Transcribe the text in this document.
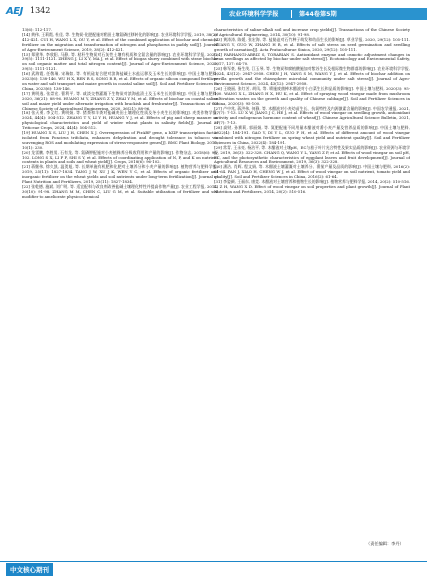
AEJ 1342	农业环境科学学报	第44卷第5期

13(6): 112-117.

[14] 黄伟, 王莉霞, 杜佳, 等. 生物炭-化肥配施对稻田土壤氮磷迁移转化的影响[J]. 农业环境科学学报, 2019, 38(2): 412-421. CUI H, WANG L X, OU Y, et al. Effect of the combined application of biochar and chemical fertilizer on the migration and transformation of nitrogen and phosphorus in paddy soil[J]. Journal of Agro-Environment Science, 2019, 38(2): 412-421.

[15] 郑建华, 李欣阳, 马静, 等. 秸秆生物炭对石灰性土壤有机质和全氮含量的影响[J]. 农业环境科学学报, 2020, 39(5): 1111-1121. ZHENG J, LI X Y, MA J, et al. Effect of biogas slurry combined with straw biochar on soil organic matter and total nitrogen content[J]. Journal of Agro-Environment Science, 2020, 39(5): 1111-1121.

[16] 武海霞, 任敬瑞, 宋瑞如, 等. 有机硅复合肥对滨海盐碱土水盐运移及玉米生长的影响[J]. 中国土壤与肥料, 2023(6): 138-146. WU H X, REN R S, SONG R R, et al. Effects of organic silicon compound fertilizer on water and salt transport and maize growth in coastal saline soil[J]. Soil and Fertilizer Sciences in China, 2023(6): 138-146.

[17] 黄明逸, 张崇宏, 曹利平, 等. 咸淡交替灌溉下生物炭对滨海盐渍土及玉米生长的影响[J]. 中国土壤与肥料, 2020, 36(21): 88-96. HUANG M Y, ZHANG Z Y, ZHAI Y M, et al. Effects of biochar on coastal saline soil and maize yield under alternate irrigation with brackish and freshwater[J]. Transactions of the Chinese Society of Agricultural Engineering, 2020, 36(21): 88-96.

[18] 张天勇, 李义红, 黄明娟, 等. 猪粪和羊粪对盐碱麦田土壤理化性质及冬小麦生长的影响[J]. 麦类作物学报, 2024, 44(4): 504-512. ZHANG T Y, LI Y H, HUANG Y J, et al. Effects of pig and sheep manure on physiological characteristics and yield of winter wheat plants in salinity fields[J]. Journal of Triticeae Crops, 2024, 44(4): 504-512.

[19] HUANG X S, LIU J H, CHEN X J. Overexpression of PtrABF gene, a bZIP transcription factor isolated from Poncirus trifoliata, enhances dehydration and drought tolerance in tobacco via scavenging ROS and modulating expression of stress-responsive genes[J]. BMC Plant Biology, 2010, 10(1): 230.

[20] 龙雷鹏, 李胜男, 石有龙, 等. 氮磷钾配施对小麦植株养分吸收利用和产量的影响[J]. 作物杂志, 2018(6): 96-102. LONG S X, LI F F, SHI S Y, et al. Effects of coordinating application of N, P, and K on nutrient contents in plants and soils and wheat yield[J]. Crops, 2018(6): 96-102.

[21] 蒋继伟, 徐久凯, 温贺旭, 等. 长期单施有机肥和化肥对土壤养分和小麦产量的影响[J]. 植物营养与肥料学报, 2019, 25(11): 1827-1834. TANG J W, XU J K, WEN Y C, et al. Effects of organic fertilizer and inorganic fertilizer on the wheat yields and soil nutrients under long-term fertilization[J]. Journal of Plant Nutrition and Fertilizers, 2019, 25(11): 1827-1834.

[22] 张乾德, 施斌, 刘广明, 等. 适宜配料与改良剂改善盐碱土壤理化特性并提高作物产量[J]. 农业工程学报, 2014, 30(10): 91-98. ZHANG M M, CHEN C, LIU G M, et al. Suitable utilization of fertilizer and soil modifier to ameliorate physicochemical

characteristics of saline-alkali soil and increase crop yields[J]. Transactions of the Chinese Society of Agricultural Engineering, 2014, 30(10): 91-98.

[23] 黄涛涛, 陈媛, 张宏海, 等. 盐胁迫对石竹种子萌发和幼苗生长的影响[J]. 草业学报, 2020, 29(12): 105-111. HUANG Y, GUO W, ZHANG H R, et al. Effects of salt stress on seed germination and seedling growth of carnation[J]. Acta Prataculturae Sinica, 2020, 29(12): 105-111.

[24] FARHANGI-ABRIZ S, TORABIAN S. Antioxidant enzyme and osmotic adjustment changes in bean seedlings as affected by biochar under salt stress[J]. Ecotoxicology and Environmental Safety, 2017, 137: 64-70.

[25] 韩军豪, 杨生茂, 江玉琴, 等. 生物炭和腐植酸施加对紫苏生长及根际微生物群落的影响[J]. 农业环境科学学报, 2024, 43(12): 2947-2958. CHEN J H, YANG S M, WANG Y J, et al. Effects of biochar addition on perilla growth and the rhizosphere microbial community under salt stress[J]. Journal of Agro-Environment Science, 2024, 43(12): 2947-2958.

[26] 王晓丽, 张红芳, 胡凤, 等. 喷施废菌棒木醋液对小白菜生长和品质的影响[J]. 中国土壤与肥料, 2020(3): 95-100. WANG X L, ZHANG H X, HU K, et al. Effect of spraying wood vinegar made from mushroom cultivation wastes on the growth and quality of Chinese cabbage[J]. Soil and Fertilizer Sciences in China, 2020(3): 95-100.

[27] 卢中兆, 蒋洪伟, 何静, 等. 木醋液对小麦幼苗生长、抗氧特性及内源激素含量的影响[J]. 中国农学通报, 2021, 37(7): 7-13. LU X W, JIANG J C, HE J, et al. Effects of wood vinegar on seedling growth, antioxidant activity and endogenous hormone content of wheat[J]. Chinese Agricultural Science Bulletin, 2021, 37(7): 7-13.

[28] 高财, 孙赛莉, 郭丽娟, 等. 氮肥配施不同用量木醋液对番小麦产量及营养品质的影响[J]. 中国土壤与肥料, 2022(4): 184-191. GAO Y, DI Y L, GUO F H, et al. Effects of different amount of wood vinegar combined with nitrogen fertilizer on spring wheat yield and nutrient quality[J]. Soil and Fertilizer Sciences in China, 2022(4): 184-191.

[29] 常青, 王永亮, 杨治平, 等. 木醋液对土壤pH、EC与茄子叶片光合特性及果实品质的影响[J]. 农业资源与环境学报, 2019, 36(3): 322-328. CHANG Q, WANG Y L, YANG Z P, et al. Effects of wood vinegar on soil pH, EC, and the photosynthetic characteristics of eggplant leaves and fruit development[J]. Journal of Agricultural Resources and Environment, 2019, 36(3): 322-328.

[30] 潘洁, 肖辉, 程文娟, 等. 木醋液土壤灌溉对土壤养分、番茄产量及品质的影响[J]. 中国土壤与肥料, 2016(2): 61-64. PAN J, XIAO H, CHENG W J, et al. Effect of wood vinegar on soil nutrient, tomato yield and quality[J]. Soil and Fertilizer Sciences in China, 2016(2): 61-64.

[31] 李姿颜, 王福东, 康竞. 木醋液对土壤营养和植物生长的影响[J]. 植物营养与肥料学报, 2014, 20(2): 510-516. LI Z H, WANG X D. Effect of wood vinegar on soil properties and plant growth[J]. Journal of Plant Nutrition and Fertilizers, 2014, 20(2): 510-516.

（责任编辑：李丹）
中文核心期刊
